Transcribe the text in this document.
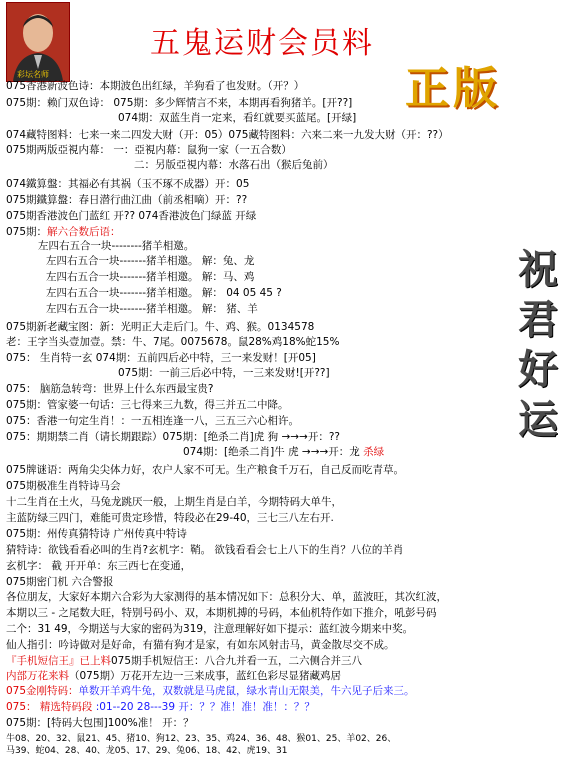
彩坛名师
五鬼运财会员料
正版
祝君好运
075香港新波色诗：本期波色出红绿，羊狗看了也发财。（开？）
075期：赖门双色诗： 075期：多少辉情言不来，本期再看狗猪羊。[开??]
074期：双蓝生肖一定来，看红就要买蓝尾。[开绿]
074藏特图料：七来一来二四发大财（开：05）075藏特图料：六来二来一九发大财（开：??）
075期两版亞視内幕： 一：亞視内幕：鼠狗一家（一五合数）
二：另版亞視内幕：水落石出（猴后兔前）
074鐵算盤：其福必有其祸（玉不琢不成器）开：05
075期鐵算盤：春日潜行曲江曲（前丞相嘀）开：??
075期香港波色门蓝红 开?? 074香港波色门绿蓝 开绿
075期：解六合数后语：
左四右五合一块--------猪羊相邀。
左四右五合一块-------猪羊相邀。 解：兔、龙
左四右五合一块-------猪羊相邀。 解：马、鸡
左四右五合一块-------猪羊相邀。 解： 04 05 45 ?
左四右五合一块-------猪羊相邀。 解： 猪、羊
075期新老藏宝图：新：光明正大走后门。牛、鸡、猴。0134578
老：王字当头壹加壹。禁：牛、7尾。0075678。鼠28%鸡18%蛇15%
075： 生肖特一玄 074期：五前四后必中特，三一来发财！[开05]
075期：一前三后必中特，一三来发财![开??]
075： 脑筋急转弯：世界上什么东西最宝贵?
075期：管家婆一句话：三七得来三九数，得三并五二中降。
075：香港一句定生肖！：一五相连逢一八，三五三六心相许。
075：期期禁二肖（请长期跟踪）075期：[绝杀二肖]虎 狗 →→→开：??
074期：[绝杀二肖]牛 虎 →→→开：龙 杀绿
075牌谜语：两角尖尖体力好，农户人家不可无。生产粮食千万石，自己反而吃青草。
075期极准生肖特诗马会
十二生肖在土火，马兔龙跳厌一般，上期生肖是白羊，今期特码大单牛，
主蓝防绿三四门，难能可贵定珍惜，特段必在29-40，三七三八左右开.
075期：州传真猜特诗 广州传真中特诗
猜特诗：欲钱看看必叫的生肖?玄机字：鞘。 欲钱看看会七上八下的生肖？八位的羊肖
玄机字： 截 开开单：东三西七在变通，
075期密门机 六合警报
各位朋友，大家好本期六合彩为大家测得的基本情况如下：总积分大、单，蓝波旺，其次红波，
本期以三 - 之尾数大旺，特别号码小、双，本期机搏的号码，本仙机特作如下推介，吼彭号码
二个：31 49，今期送与大家的密码为319，注意理解好如下提示：蓝红波今期来中奖。
仙人指引：吟诗做对是好命，有猫有狗才是家，有如东风射击马，黄金散尽交不成。
『手机短信王』已上料075期手机短信王：八合九并看一五，二六侧合并三八
内部万花来料（075期）万花开左边一三来成事，蓝红色彩尽显猪藏鸡居
075金刚特码：单数开羊鸡牛兔，双数就是马虎鼠，绿水青山无限美，牛六见子后来三。
075： 精选特码段 :01--20 28---39 开：？？准！准！准！：？？
075期：[特码大包围]100%准！ 开：？
牛08、20、32、鼠21、45、猪10、狗12、23、35、鸡24、36、48、猴01、25、羊02、26、
马39、蛇04、28、40、龙05、17、29、兔06、18、42、虎19、31
